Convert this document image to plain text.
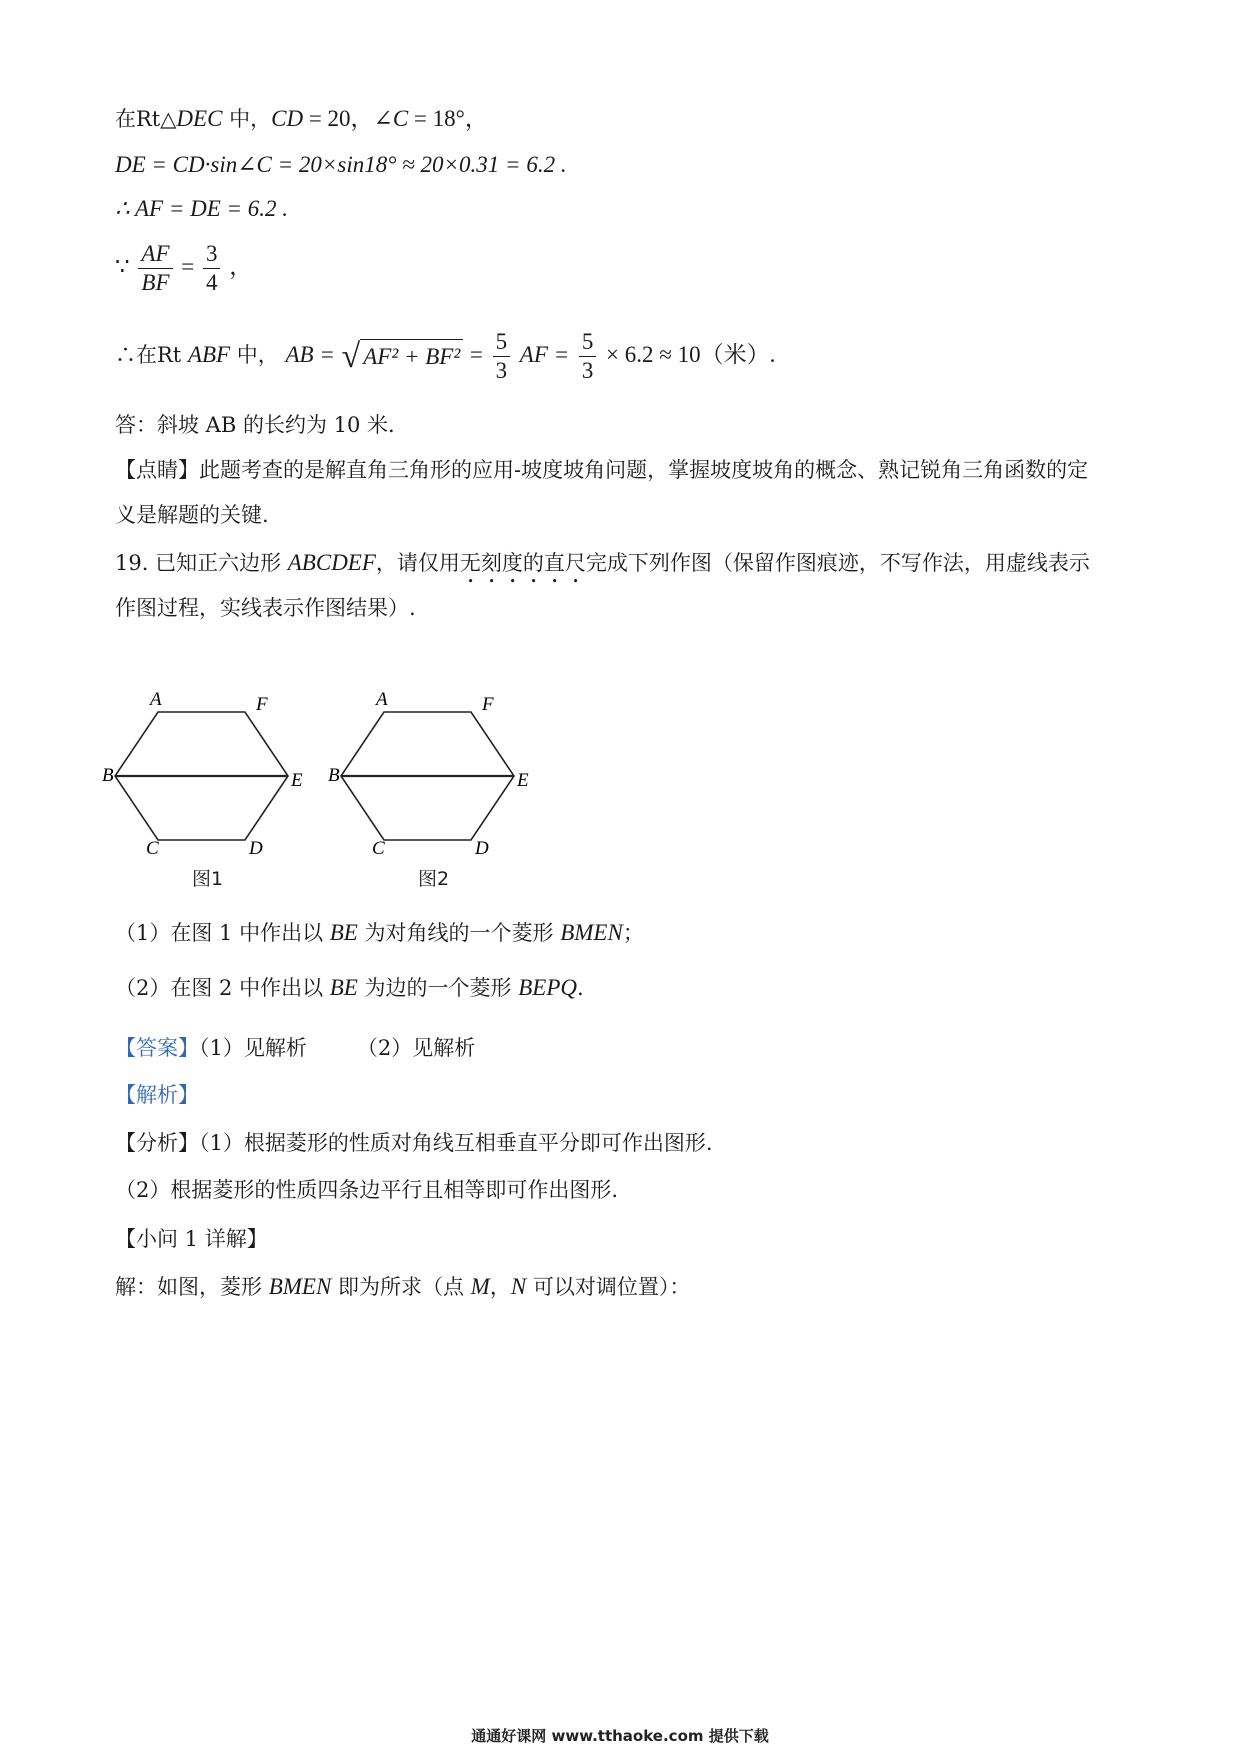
在Rt△DEC 中，CD = 20，∠C = 18°，
DE = CD·sin∠C = 20×sin18° ≈ 20×0.31 = 6.2 .
∴ AF = DE = 6.2 .
∵ $\frac{AF}{BF} = \frac{3}{4}$ ，
∴在Rt ABF 中， AB = √ $AF^2 + BF^2 = \frac{5}{3}$ AF = $\frac{5}{3} \times 6.2 \approx 10$（米）.
答：斜坡 AB 的长约为 10 米.
【点睛】此题考查的是解直角三角形的应用-坡度坡角问题，掌握坡度坡角的概念、熟记锐角三角函数的定
义是解题的关键.
19. 已知正六边形 ABCDEF，请仅用无刻度的直尺完成下列作图（保留作图痕迹，不写作法，用虚线表示
作图过程，实线表示作图结果）.
A	F
B	E
C	D
图1
A	F
B	E
C	D
图2
（1）在图 1 中作出以 BE 为对角线的一个菱形 BMEN；
（2）在图 2 中作出以 BE 为边的一个菱形 BEPQ.
【答案】（1）见解析 （2）见解析
【解析】
【分析】（1）根据菱形的性质对角线互相垂直平分即可作出图形.
（2）根据菱形的性质四条边平行且相等即可作出图形.
【小问 1 详解】
解：如图，菱形 BMEN 即为所求（点 M，N 可以对调位置）：
通通好课网 www.tthaoke.com 提供下载
